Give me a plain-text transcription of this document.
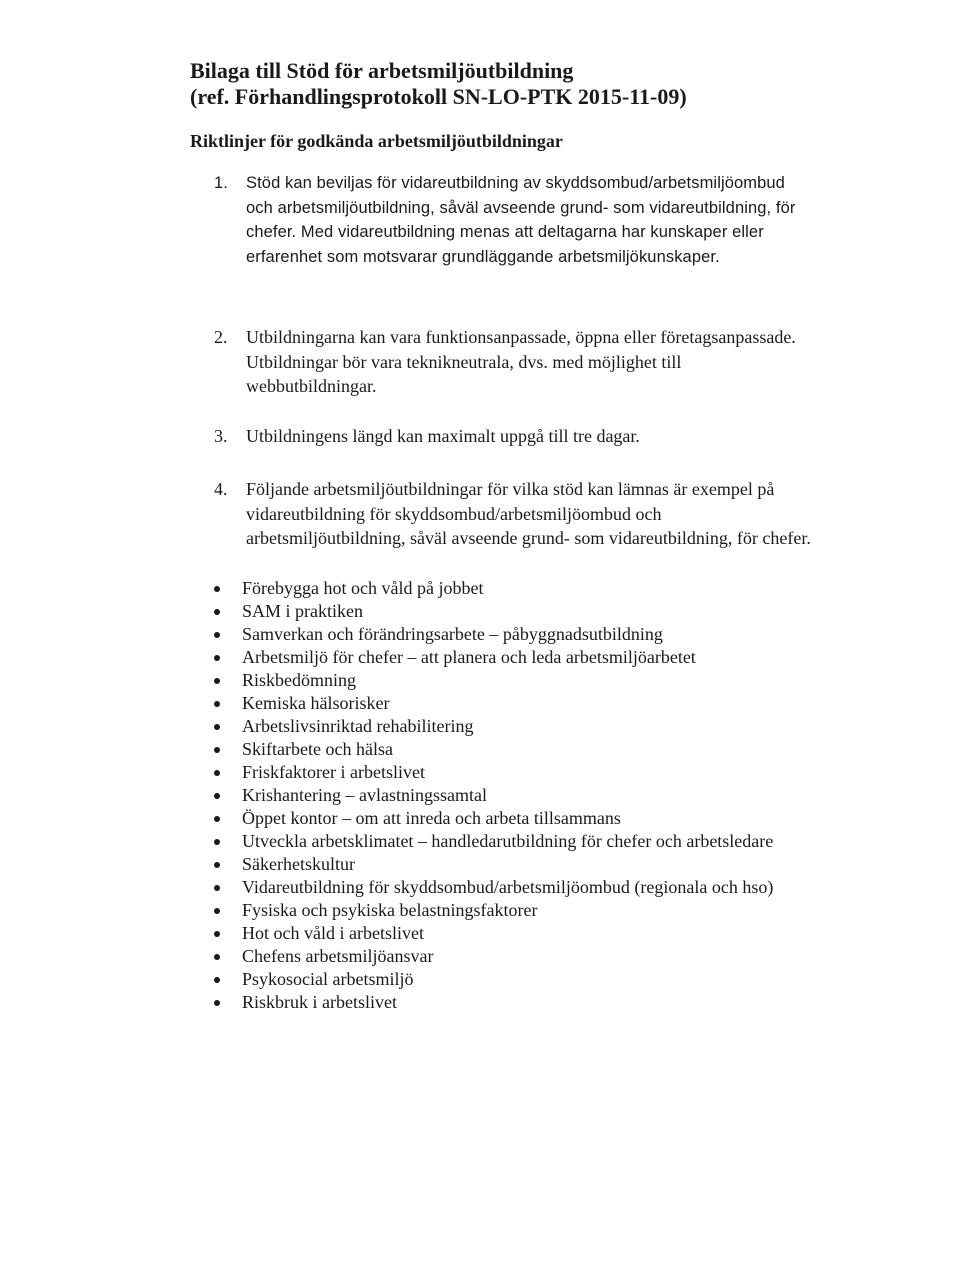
Bilaga till Stöd för arbetsmiljöutbildning
(ref. Förhandlingsprotokoll SN-LO-PTK 2015-11-09)
Riktlinjer för godkända arbetsmiljöutbildningar
1. Stöd kan beviljas för vidareutbildning av skyddsombud/arbetsmiljöombud och arbetsmiljöutbildning, såväl avseende grund- som vidareutbildning, för chefer. Med vidareutbildning menas att deltagarna har kunskaper eller erfarenhet som motsvarar grundläggande arbetsmiljökunskaper.
2. Utbildningarna kan vara funktionsanpassade, öppna eller företagsanpassade. Utbildningar bör vara teknikneutrala, dvs. med möjlighet till webbutbildningar.
3. Utbildningens längd kan maximalt uppgå till tre dagar.
4. Följande arbetsmiljöutbildningar för vilka stöd kan lämnas är exempel på vidareutbildning för skyddsombud/arbetsmiljöombud och arbetsmiljöutbildning, såväl avseende grund- som vidareutbildning, för chefer.
Förebygga hot och våld på jobbet
SAM i praktiken
Samverkan och förändringsarbete – påbyggnadsutbildning
Arbetsmiljö för chefer – att planera och leda arbetsmiljöarbetet
Riskbedömning
Kemiska hälsorisker
Arbetslivsinriktad rehabilitering
Skiftarbete och hälsa
Friskfaktorer i arbetslivet
Krishantering – avlastningssamtal
Öppet kontor – om att inreda och arbeta tillsammans
Utveckla arbetsklimatet – handledarutbildning för chefer och arbetsledare
Säkerhetskultur
Vidareutbildning för skyddsombud/arbetsmiljöombud (regionala och hso)
Fysiska och psykiska belastningsfaktorer
Hot och våld i arbetslivet
Chefens arbetsmiljöansvar
Psykosocial arbetsmiljö
Riskbruk i arbetslivet
